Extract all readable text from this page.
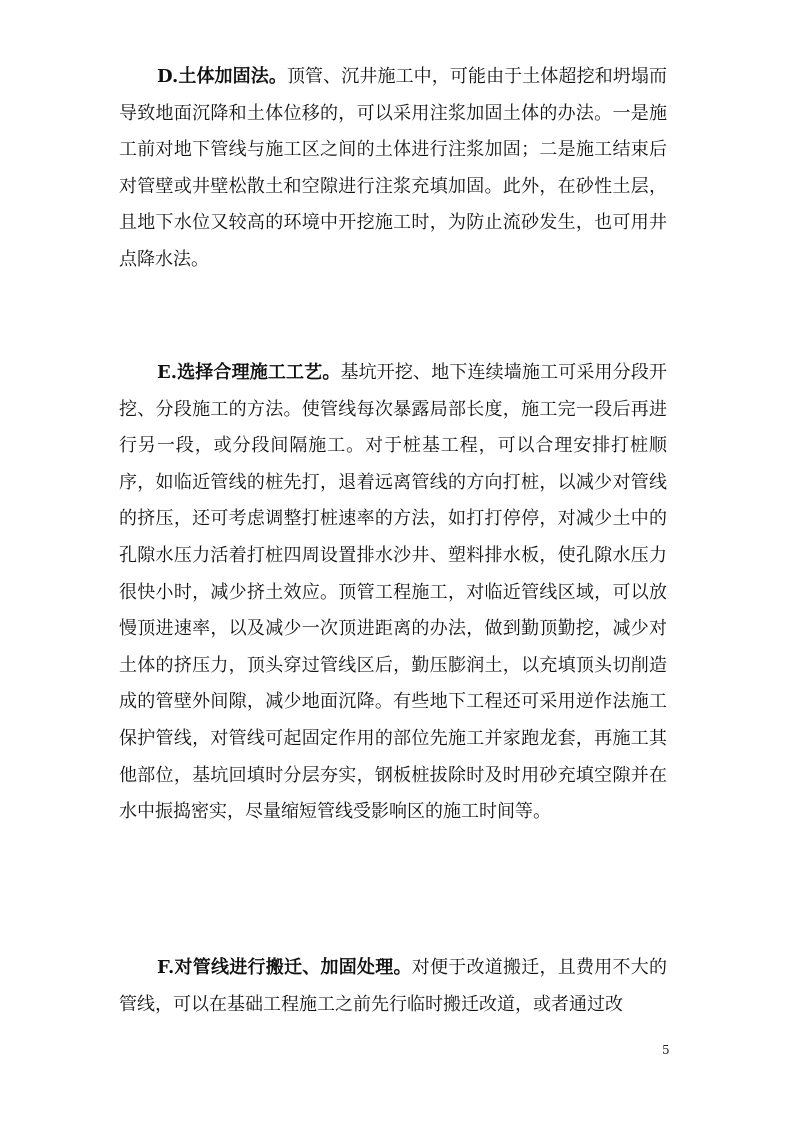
D.土体加固法。顶管、沉井施工中，可能由于土体超挖和坍塌而导致地面沉降和土体位移的，可以采用注浆加固土体的办法。一是施工前对地下管线与施工区之间的土体进行注浆加固；二是施工结束后对管壁或井壁松散土和空隙进行注浆充填加固。此外，在砂性土层，且地下水位又较高的环境中开挖施工时，为防止流砂发生，也可用井点降水法。

E.选择合理施工工艺。基坑开挖、地下连续墙施工可采用分段开挖、分段施工的方法。使管线每次暴露局部长度，施工完一段后再进行另一段，或分段间隔施工。对于桩基工程，可以合理安排打桩顺序，如临近管线的桩先打，退着远离管线的方向打桩，以减少对管线的挤压，还可考虑调整打桩速率的方法，如打打停停，对减少土中的孔隙水压力活着打桩四周设置排水沙井、塑料排水板，使孔隙水压力很快小时，减少挤土效应。顶管工程施工，对临近管线区域，可以放慢顶进速率，以及减少一次顶进距离的办法，做到勤顶勤挖，减少对土体的挤压力，顶头穿过管线区后，勤压膨润土，以充填顶头切削造成的管壁外间隙，减少地面沉降。有些地下工程还可采用逆作法施工保护管线，对管线可起固定作用的部位先施工并家跑龙套，再施工其他部位，基坑回填时分层夯实，钢板桩拔除时及时用砂充填空隙并在水中振捣密实，尽量缩短管线受影响区的施工时间等。

F.对管线进行搬迁、加固处理。对便于改道搬迁，且费用不大的管线，可以在基础工程施工之前先行临时搬迁改道，或者通过改

5
